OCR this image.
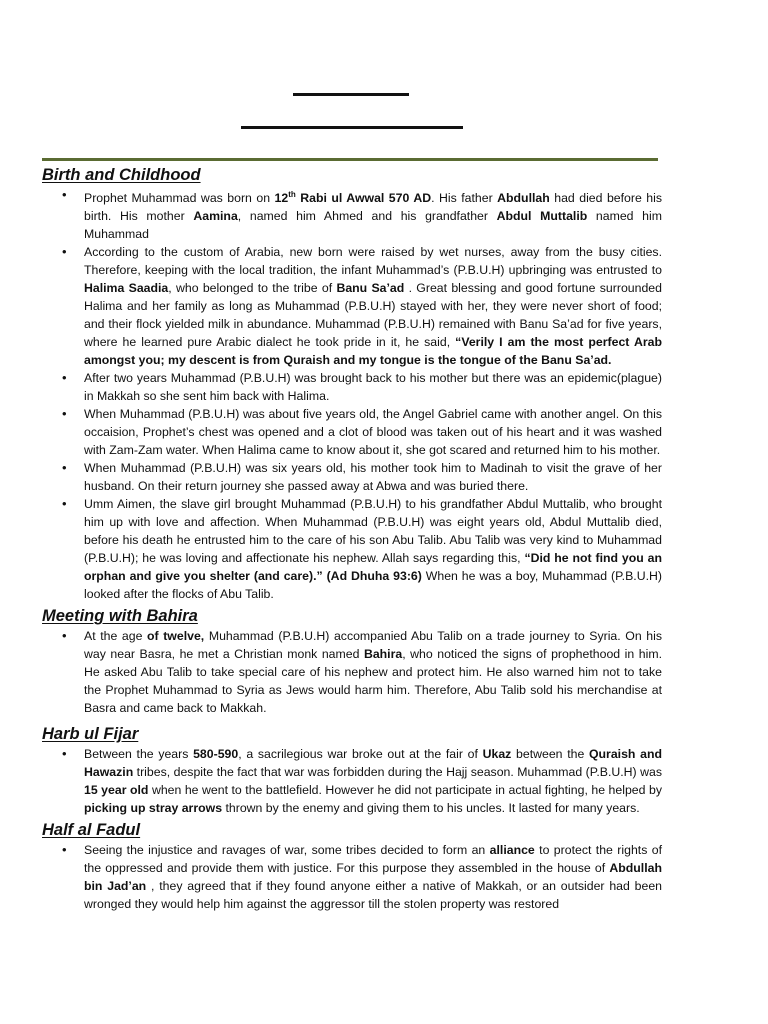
Birth and Childhood
• Prophet Muhammad was born on 12th Rabi ul Awwal 570 AD. His father Abdullah had died before his birth. His mother Aamina, named him Ahmed and his grandfather Abdul Muttalib named him Muhammad
• According to the custom of Arabia, new born were raised by wet nurses, away from the busy cities. Therefore, keeping with the local tradition, the infant Muhammad’s (P.B.U.H) upbringing was entrusted to Halima Saadia, who belonged to the tribe of Banu Sa’ad . Great blessing and good fortune surrounded Halima and her family as long as Muhammad (P.B.U.H) stayed with her, they were never short of food; and their flock yielded milk in abundance. Muhammad (P.B.U.H) remained with Banu Sa’ad for five years, where he learned pure Arabic dialect he took pride in it, he said, “Verily I am the most perfect Arab amongst you; my descent is from Quraish and my tongue is the tongue of the Banu Sa’ad.
• After two years Muhammad (P.B.U.H) was brought back to his mother but there was an epidemic(plague) in Makkah so she sent him back with Halima.
• When Muhammad (P.B.U.H) was about five years old, the Angel Gabriel came with another angel. On this occaision, Prophet’s chest was opened and a clot of blood was taken out of his heart and it was washed with Zam-Zam water. When Halima came to know about it, she got scared and returned him to his mother.
• When Muhammad (P.B.U.H) was six years old, his mother took him to Madinah to visit the grave of her husband. On their return journey she passed away at Abwa and was buried there.
• Umm Aimen, the slave girl brought Muhammad (P.B.U.H) to his grandfather Abdul Muttalib, who brought him up with love and affection. When Muhammad (P.B.U.H) was eight years old, Abdul Muttalib died, before his death he entrusted him to the care of his son Abu Talib. Abu Talib was very kind to Muhammad (P.B.U.H); he was loving and affectionate his nephew. Allah says regarding this, “Did he not find you an orphan and give you shelter (and care).” (Ad Dhuha 93:6) When he was a boy, Muhammad (P.B.U.H) looked after the flocks of Abu Talib.
Meeting with Bahira
• At the age of twelve, Muhammad (P.B.U.H) accompanied Abu Talib on a trade journey to Syria. On his way near Basra, he met a Christian monk named Bahira, who noticed the signs of prophethood in him. He asked Abu Talib to take special care of his nephew and protect him. He also warned him not to take the Prophet Muhammad to Syria as Jews would harm him. Therefore, Abu Talib sold his merchandise at Basra and came back to Makkah.
Harb ul Fijar
• Between the years 580-590, a sacrilegious war broke out at the fair of Ukaz between the Quraish and Hawazin tribes, despite the fact that war was forbidden during the Hajj season. Muhammad (P.B.U.H) was 15 year old when he went to the battlefield. However he did not participate in actual fighting, he helped by picking up stray arrows thrown by the enemy and giving them to his uncles. It lasted for many years.
Half al Fadul
• Seeing the injustice and ravages of war, some tribes decided to form an alliance to protect the rights of the oppressed and provide them with justice. For this purpose they assembled in the house of Abdullah bin Jad’an , they agreed that if they found anyone either a native of Makkah, or an outsider had been wronged they would help him against the aggressor till the stolen property was restored
